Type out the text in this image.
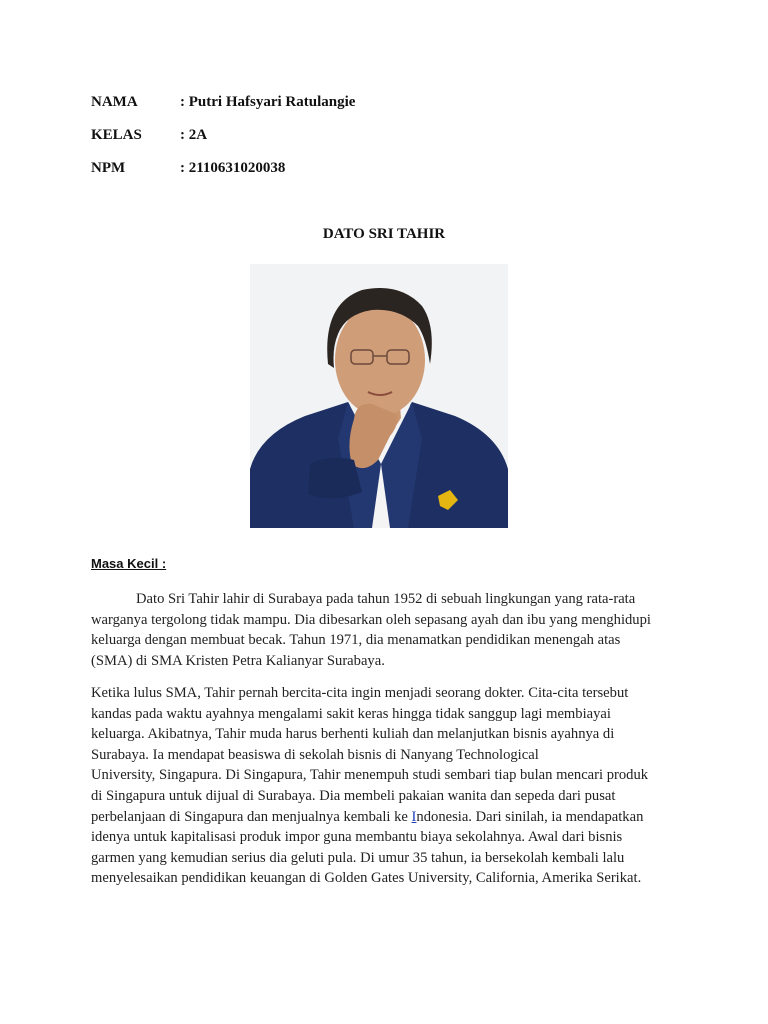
NAMA	: Putri Hafsyari Ratulangie
KELAS	: 2A
NPM	: 2110631020038
DATO SRI TAHIR
Masa Kecil :
Dato Sri Tahir lahir di Surabaya pada tahun 1952 di sebuah lingkungan yang rata-rata
warganya tergolong tidak mampu. Dia dibesarkan oleh sepasang ayah dan ibu yang menghidupi
keluarga dengan membuat becak. Tahun 1971, dia menamatkan pendidikan menengah atas
(SMA) di SMA Kristen Petra Kalianyar Surabaya.
Ketika lulus SMA, Tahir pernah bercita-cita ingin menjadi seorang dokter. Cita-cita tersebut
kandas pada waktu ayahnya mengalami sakit keras hingga tidak sanggup lagi membiayai
keluarga. Akibatnya, Tahir muda harus berhenti kuliah dan melanjutkan bisnis ayahnya di
Surabaya. Ia mendapat beasiswa di sekolah bisnis di Nanyang Technological
University, Singapura. Di Singapura, Tahir menempuh studi sembari tiap bulan mencari produk
di Singapura untuk dijual di Surabaya. Dia membeli pakaian wanita dan sepeda dari pusat
perbelanjaan di Singapura dan menjualnya kembali ke Indonesia. Dari sinilah, ia mendapatkan
idenya untuk kapitalisasi produk impor guna membantu biaya sekolahnya. Awal dari bisnis
garmen yang kemudian serius dia geluti pula. Di umur 35 tahun, ia bersekolah kembali lalu
menyelesaikan pendidikan keuangan di Golden Gates University, California, Amerika Serikat.
